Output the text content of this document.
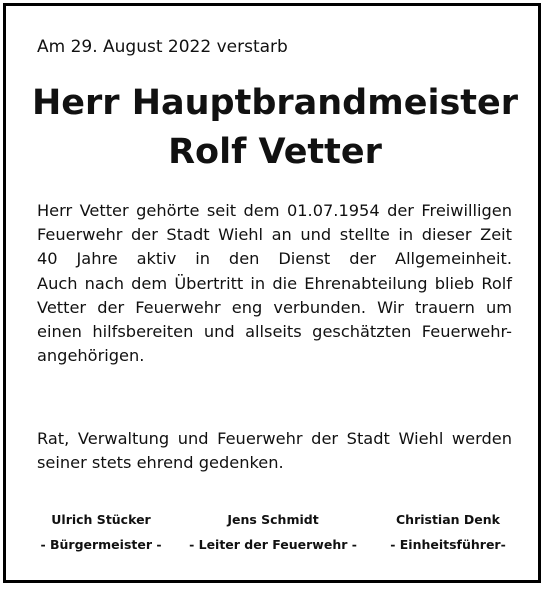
Am 29. August 2022 verstarb
Herr Hauptbrandmeister
Rolf Vetter
Herr Vetter gehörte seit dem 01.07.1954 der Freiwilligen
Feuerwehr der Stadt Wiehl an und stellte in dieser Zeit
40 Jahre aktiv in den Dienst der Allgemeinheit.
Auch nach dem Übertritt in die Ehrenabteilung blieb Rolf
Vetter der Feuerwehr eng verbunden. Wir trauern um
einen hilfsbereiten und allseits geschätzten Feuerwehr-
angehörigen.
Rat, Verwaltung und Feuerwehr der Stadt Wiehl werden
seiner stets ehrend gedenken.
Ulrich Stücker
- Bürgermeister -
Jens Schmidt
- Leiter der Feuerwehr -
Christian Denk
- Einheitsführer-
